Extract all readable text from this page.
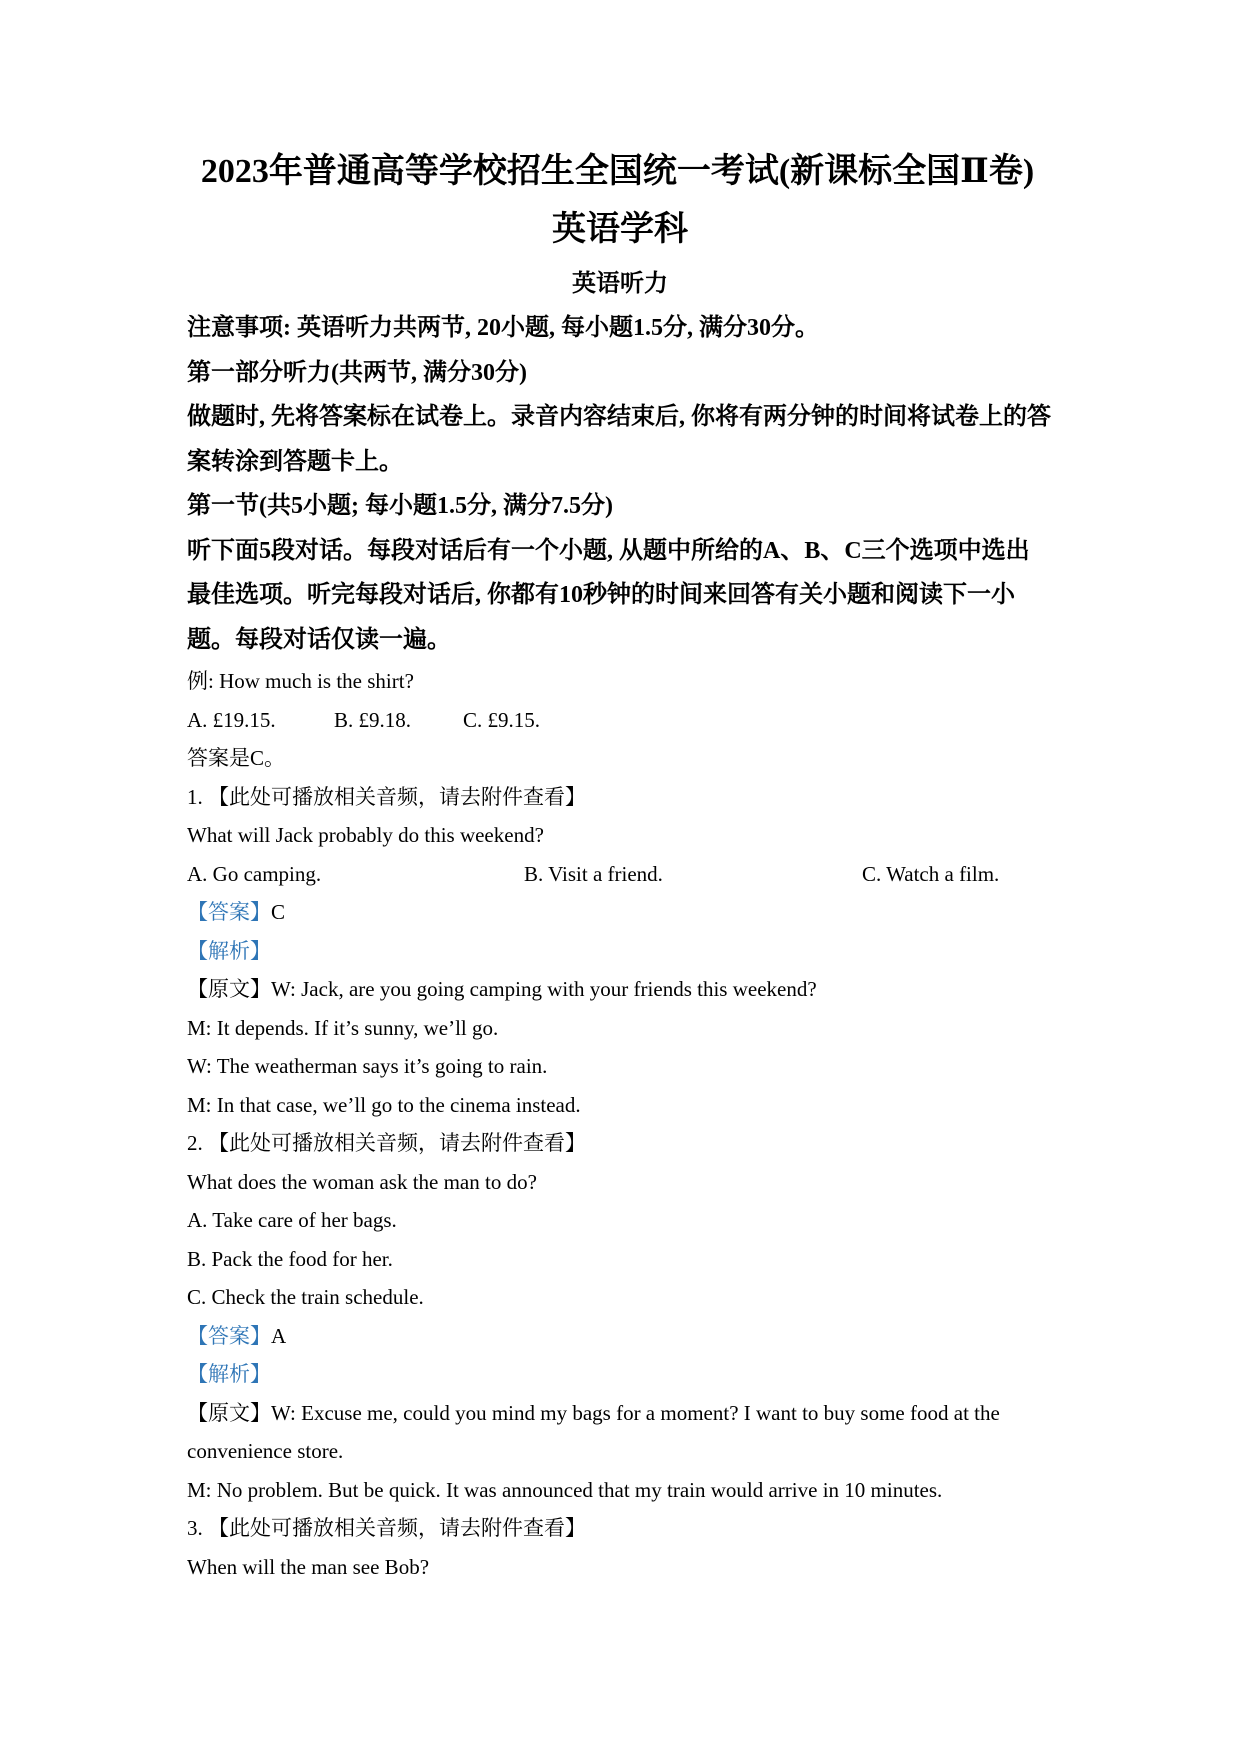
2023年普通高等学校招生全国统一考试(新课标全国Ⅱ卷)
英语学科
英语听力
注意事项: 英语听力共两节, 20小题, 每小题1.5分, 满分30分。
第一部分听力(共两节, 满分30分)
做题时, 先将答案标在试卷上。录音内容结束后, 你将有两分钟的时间将试卷上的答案转涂到答题卡上。
第一节(共5小题; 每小题1.5分, 满分7.5分)
听下面5段对话。每段对话后有一个小题, 从题中所给的A、B、C三个选项中选出最佳选项。听完每段对话后, 你都有10秒钟的时间来回答有关小题和阅读下一小题。每段对话仅读一遍。
例: How much is the shirt?
A. £19.15.	B. £9.18. C. £9.15.
答案是C。
1. 【此处可播放相关音频，请去附件查看】
What will Jack probably do this weekend?
A. Go camping.	B. Visit a friend.	C. Watch a film.
【答案】C
【解析】
【原文】W: Jack, are you going camping with your friends this weekend?
M: It depends. If it’s sunny, we’ll go.
W: The weatherman says it’s going to rain.
M: In that case, we’ll go to the cinema instead.
2. 【此处可播放相关音频，请去附件查看】
What does the woman ask the man to do?
A. Take care of her bags.
B. Pack the food for her.
C. Check the train schedule.
【答案】A
【解析】
【原文】W: Excuse me, could you mind my bags for a moment? I want to buy some food at the convenience store.
M: No problem. But be quick. It was announced that my train would arrive in 10 minutes.
3. 【此处可播放相关音频，请去附件查看】
When will the man see Bob?
